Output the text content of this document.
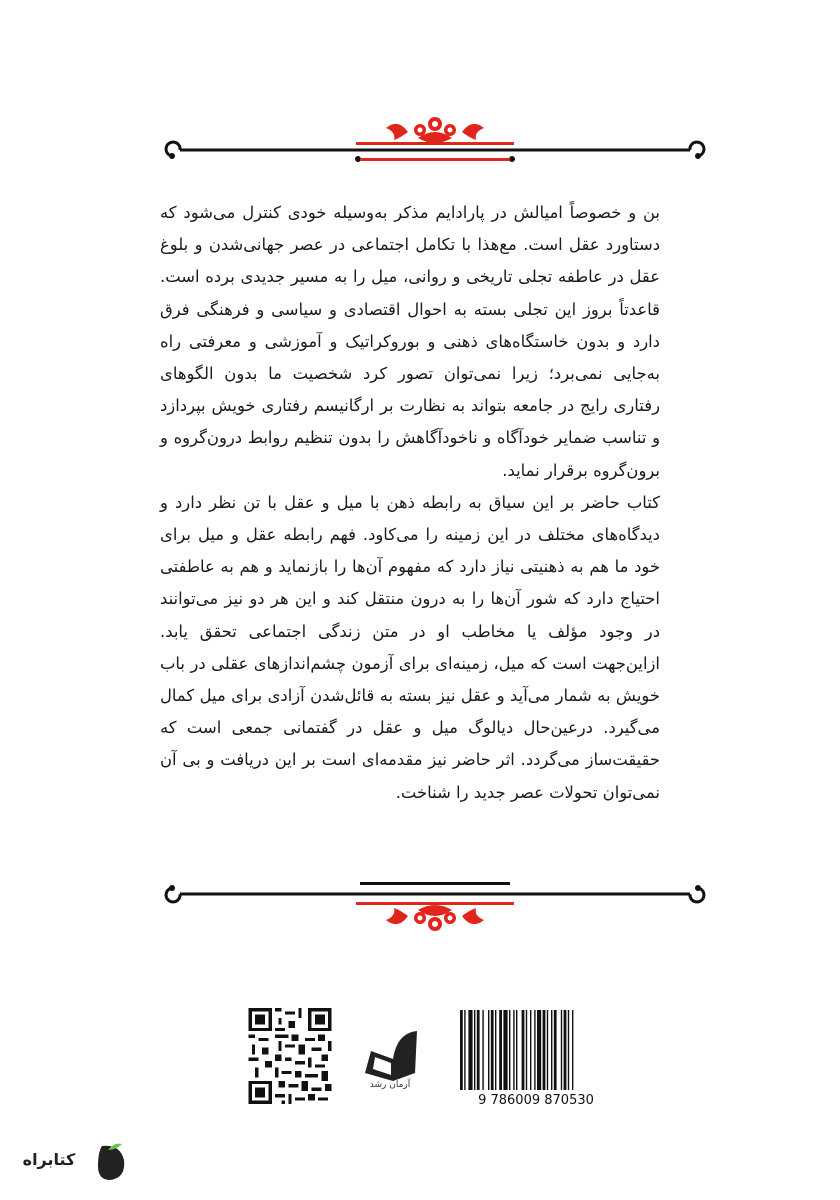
بن و خصوصاً امیالش در پارادایم مذکر به‌وسیله خودی کنترل می‌شود که دستاورد عقل است. مع‌هذا با تکامل اجتماعی در عصر جهانی‌شدن و بلوغ عقل در عاطفه تجلی تاریخی و روانی، میل را به مسیر جدیدی برده است. قاعدتاً بروز این تجلی بسته به احوال اقتصادی و سیاسی و فرهنگی فرق دارد و بدون خاستگاه‌های ذهنی و بوروکراتیک و آموزشی و معرفتی راه به‌جایی نمی‌برد؛ زیرا نمی‌توان تصور کرد شخصیت ما بدون الگوهای رفتاری رایج در جامعه بتواند به نظارت بر ارگانیسم رفتاری خویش بپردازد و تناسب ضمایر خودآگاه و ناخودآگاهش را بدون تنظیم روابط درون‌گروه و برون‌گروه برقرار نماید.

کتاب حاضر بر این سیاق به رابطه ذهن با میل و عقل با تن نظر دارد و دیدگاه‌های مختلف در این زمینه را می‌کاود. فهم رابطه عقل و میل برای خود ما هم به ذهنیتی نیاز دارد که مفهوم آن‌ها را بازنماید و هم به عاطفتی احتیاج دارد که شور آن‌ها را به درون منتقل کند و این هر دو نیز می‌توانند در وجود مؤلف یا مخاطب او در متن زندگی اجتماعی تحقق یابد. ازاین‌جهت است که میل، زمینه‌ای برای آزمون چشم‌اندازهای عقلی در باب خویش به شمار می‌آید و عقل نیز بسته به قائل‌شدن آزادی برای میل کمال می‌گیرد. درعین‌حال دیالوگ میل و عقل در گفتمانی جمعی است که حقیقت‌ساز می‌گردد. اثر حاضر نیز مقدمه‌ای است بر این دریافت و بی آن نمی‌توان تحولات عصر جدید را شناخت.

آرمان رشد
9 786009 870530
کتابراه
